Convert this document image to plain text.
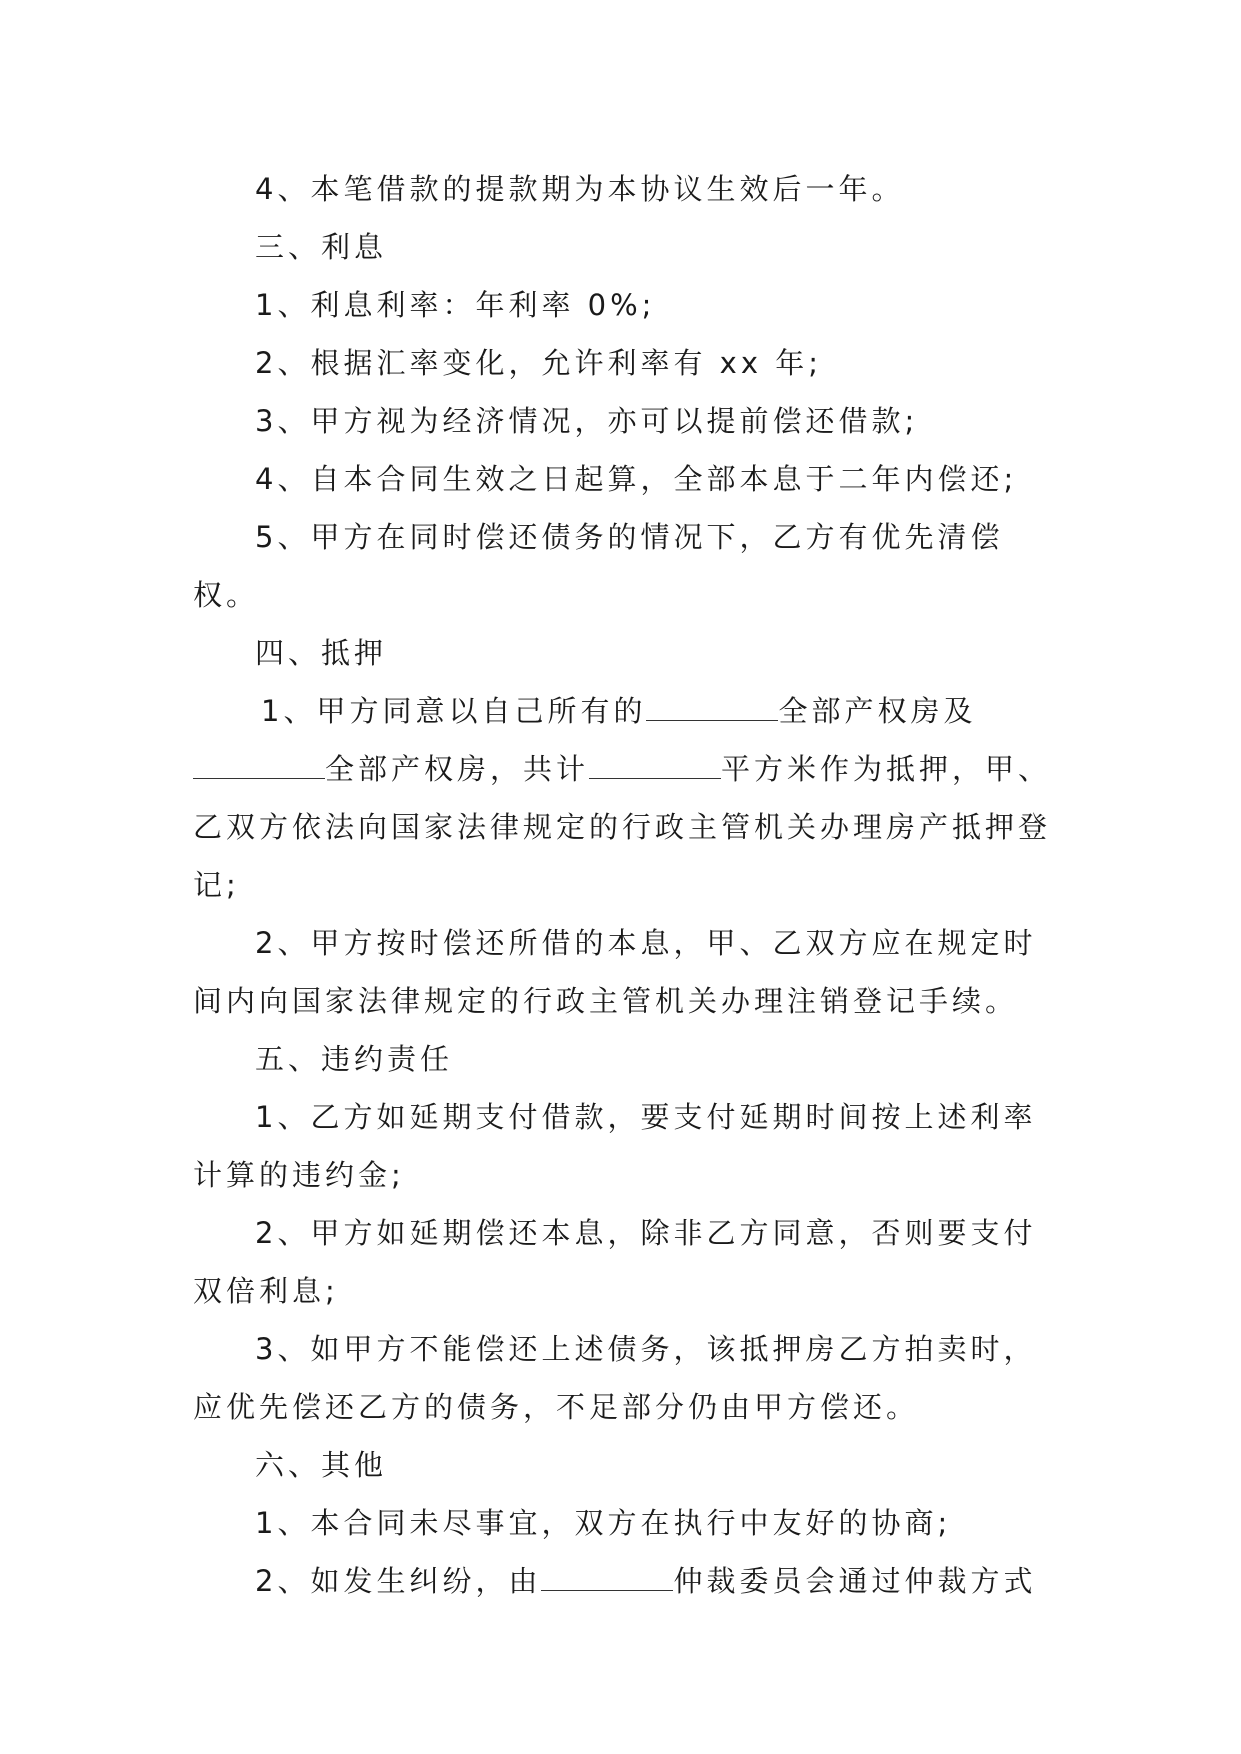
4、本笔借款的提款期为本协议生效后一年。

三、利息

1、利息利率：年利率 0%;

2、根据汇率变化，允许利率有 xx 年;

3、甲方视为经济情况，亦可以提前偿还借款;

4、自本合同生效之日起算，全部本息于二年内偿还;

5、甲方在同时偿还债务的情况下，乙方有优先清偿权。

四、抵押

1、甲方同意以自己所有的	全部产权房及全部产权房，共计	平方米作为抵押，甲、乙双方依法向国家法律规定的行政主管机关办理房产抵押登记;

2、甲方按时偿还所借的本息，甲、乙双方应在规定时间内向国家法律规定的行政主管机关办理注销登记手续。

五、违约责任

1、乙方如延期支付借款，要支付延期时间按上述利率计算的违约金;

2、甲方如延期偿还本息，除非乙方同意，否则要支付双倍利息;

3、如甲方不能偿还上述债务，该抵押房乙方拍卖时，应优先偿还乙方的债务，不足部分仍由甲方偿还。

六、其他

1、本合同未尽事宜，双方在执行中友好的协商;

2、如发生纠纷，由	仲裁委员会通过仲裁方式
